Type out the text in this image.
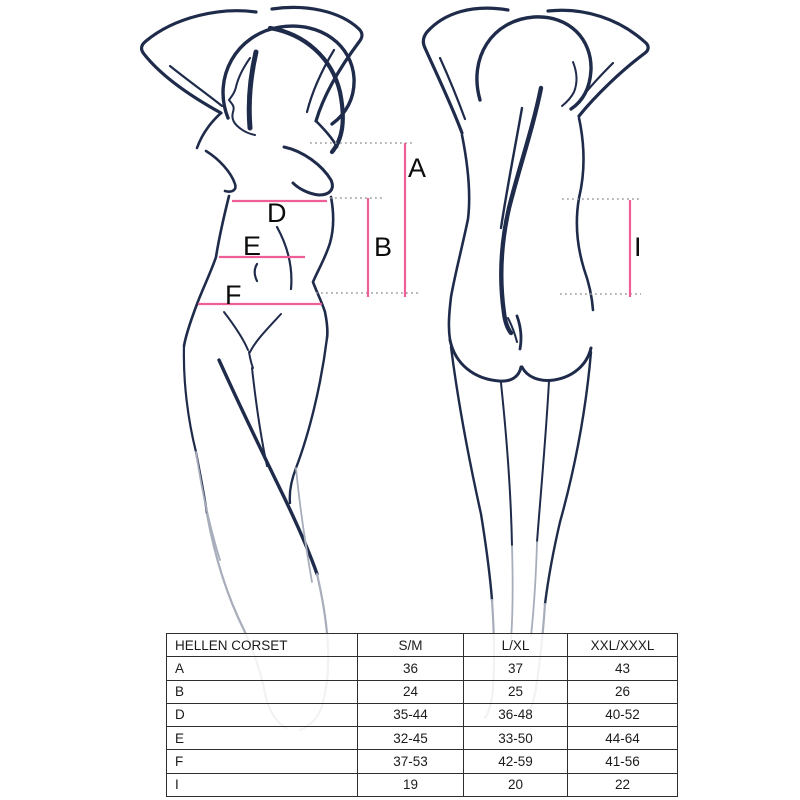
A
B
D
E
F
I
HELLEN CORSET	S/M	L/XL	XXL/XXXL
A	36	37	43
B	24	25	26
D	35-44	36-48	40-52
E	32-45	33-50	44-64
F	37-53	42-59	41-56
I	19	20	22
